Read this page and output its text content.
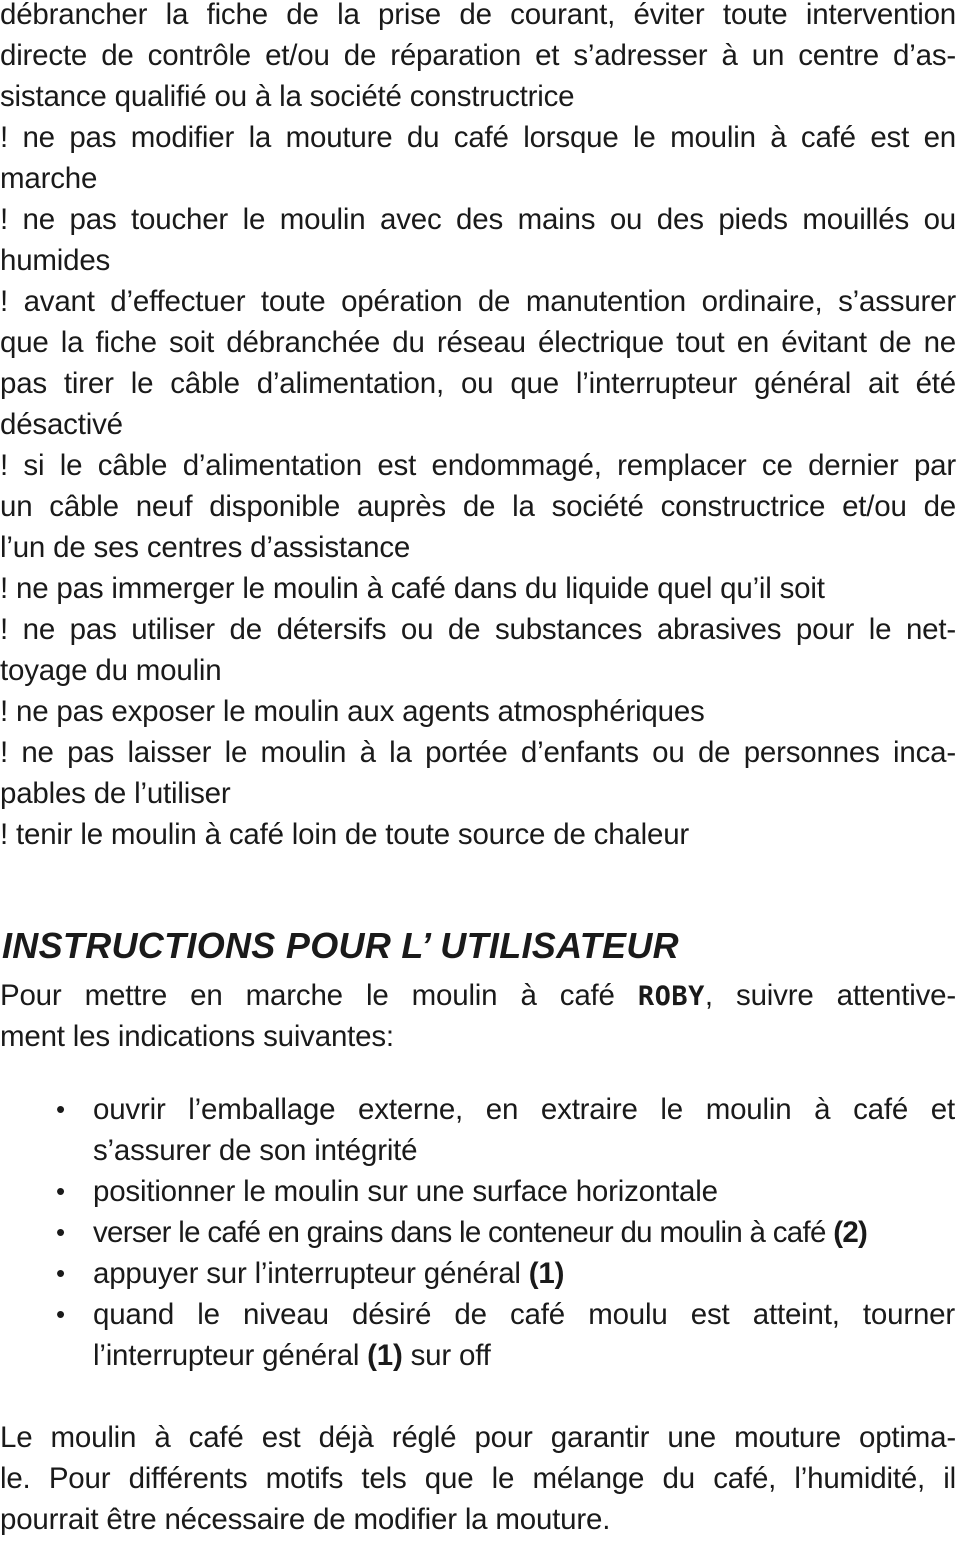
débrancher la fiche de la prise de courant, éviter toute intervention
directe de contrôle et/ou de réparation et s’adresser à un centre d’as-
sistance qualifié ou à la société constructrice
! ne pas modifier la mouture du café lorsque le moulin à café est en
marche
! ne pas toucher le moulin avec des mains ou des pieds mouillés ou
humides
! avant d’effectuer toute opération de manutention ordinaire, s’assurer
que la fiche soit débranchée du réseau électrique tout en évitant de ne
pas tirer le câble d’alimentation, ou que l’interrupteur général ait été
désactivé
! si le câble d’alimentation est endommagé, remplacer ce dernier par
un câble neuf disponible auprès de la société constructrice et/ou de
l’un de ses centres d’assistance
! ne pas immerger le moulin à café dans du liquide quel qu’il soit
! ne pas utiliser de détersifs ou de substances abrasives pour le net-
toyage du moulin
! ne pas exposer le moulin aux agents atmosphériques
! ne pas laisser le moulin à la portée d’enfants ou de personnes inca-
pables de l’utiliser
! tenir le moulin à café loin de toute source de chaleur
INSTRUCTIONS POUR L’ UTILISATEUR
Pour mettre en marche le moulin à café ROBY, suivre attentive-
ment les indications suivantes:
• ouvrir l’emballage externe, en extraire le moulin à café et
s’assurer de son intégrité
• positionner le moulin sur une surface horizontale
• verser le café en grains dans le conteneur du moulin à café (2)
• appuyer sur l’interrupteur général (1)
• quand le niveau désiré de café moulu est atteint, tourner
l’interrupteur général (1) sur off
Le moulin à café est déjà réglé pour garantir une mouture optima-
le. Pour différents motifs tels que le mélange du café, l’humidité, il
pourrait être nécessaire de modifier la mouture.
